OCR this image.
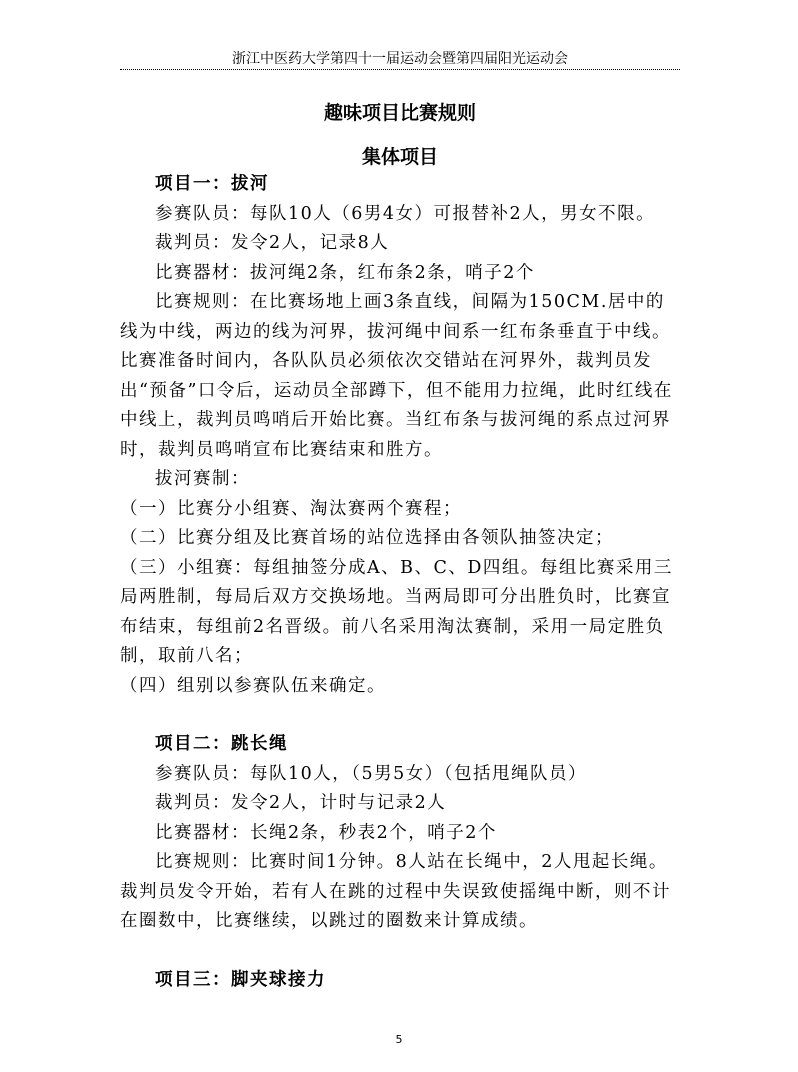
浙江中医药大学第四十一届运动会暨第四届阳光运动会
趣味项目比赛规则
集体项目

项目一：拔河

参赛队员：每队10人（6男4女）可报替补2人，男女不限。

裁判员：发令2人，记录8人

比赛器材：拔河绳2条，红布条2条，哨子2个

比赛规则：在比赛场地上画3条直线，间隔为150CM.居中的线为中线，两边的线为河界，拔河绳中间系一红布条垂直于中线。比赛准备时间内，各队队员必须依次交错站在河界外，裁判员发出“预备”口令后，运动员全部蹲下，但不能用力拉绳，此时红线在中线上，裁判员鸣哨后开始比赛。当红布条与拔河绳的系点过河界时，裁判员鸣哨宣布比赛结束和胜方。

拔河赛制：

（一）比赛分小组赛、淘汰赛两个赛程；

（二）比赛分组及比赛首场的站位选择由各领队抽签决定；

（三）小组赛：每组抽签分成A、B、C、D四组。每组比赛采用三局两胜制，每局后双方交换场地。当两局即可分出胜负时，比赛宣布结束，每组前2名晋级。前八名采用淘汰赛制，采用一局定胜负制，取前八名；

（四）组别以参赛队伍来确定。

项目二：跳长绳

参赛队员：每队10人，（5男5女）（包括甩绳队员）

裁判员：发令2人，计时与记录2人

比赛器材：长绳2条，秒表2个，哨子2个

比赛规则：比赛时间1分钟。8人站在长绳中，2人甩起长绳。裁判员发令开始，若有人在跳的过程中失误致使摇绳中断，则不计在圈数中，比赛继续，以跳过的圈数来计算成绩。

项目三：脚夹球接力

5
